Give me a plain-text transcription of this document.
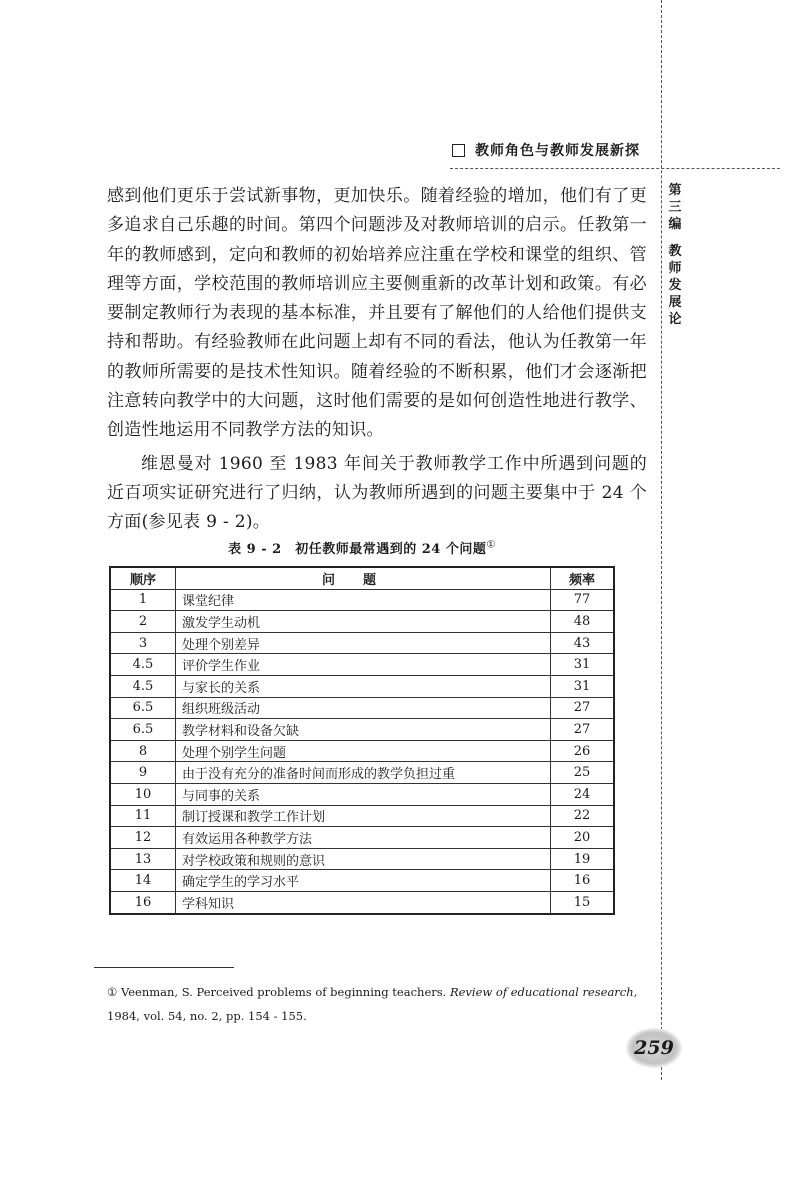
教师角色与教师发展新探
第
三
编
教
师
发
展
论

感到他们更乐于尝试新事物，更加快乐。随着经验的增加，他们有了更多追求自己乐趣的时间。第四个问题涉及对教师培训的启示。任教第一年的教师感到，定向和教师的初始培养应注重在学校和课堂的组织、管理等方面，学校范围的教师培训应主要侧重新的改革计划和政策。有必要制定教师行为表现的基本标准，并且要有了解他们的人给他们提供支持和帮助。有经验教师在此问题上却有不同的看法，他认为任教第一年的教师所需要的是技术性知识。随着经验的不断积累，他们才会逐渐把注意转向教学中的大问题，这时他们需要的是如何创造性地进行教学、创造性地运用不同教学方法的知识。

维恩曼对 1960 至 1983 年间关于教师教学工作中所遇到问题的近百项实证研究进行了归纳，认为教师所遇到的问题主要集中于 24 个方面(参见表 9 - 2)。

表 9 - 2　初任教师最常遇到的 24 个问题①
顺序	问题	频率
1	课堂纪律	77
2	激发学生动机	48
3	处理个别差异	43
4.5	评价学生作业	31
4.5	与家长的关系	31
6.5	组织班级活动	27
6.5	教学材料和设备欠缺	27
8	处理个别学生问题	26
9	由于没有充分的准备时间而形成的教学负担过重	25
10	与同事的关系	24
11	制订授课和教学工作计划	22
12	有效运用各种教学方法	20
13	对学校政策和规则的意识	19
14	确定学生的学习水平	16
16	学科知识	15

① Veenman, S. Perceived problems of beginning teachers. Review of educational research,

1984, vol. 54, no. 2, pp. 154 - 155.

259
